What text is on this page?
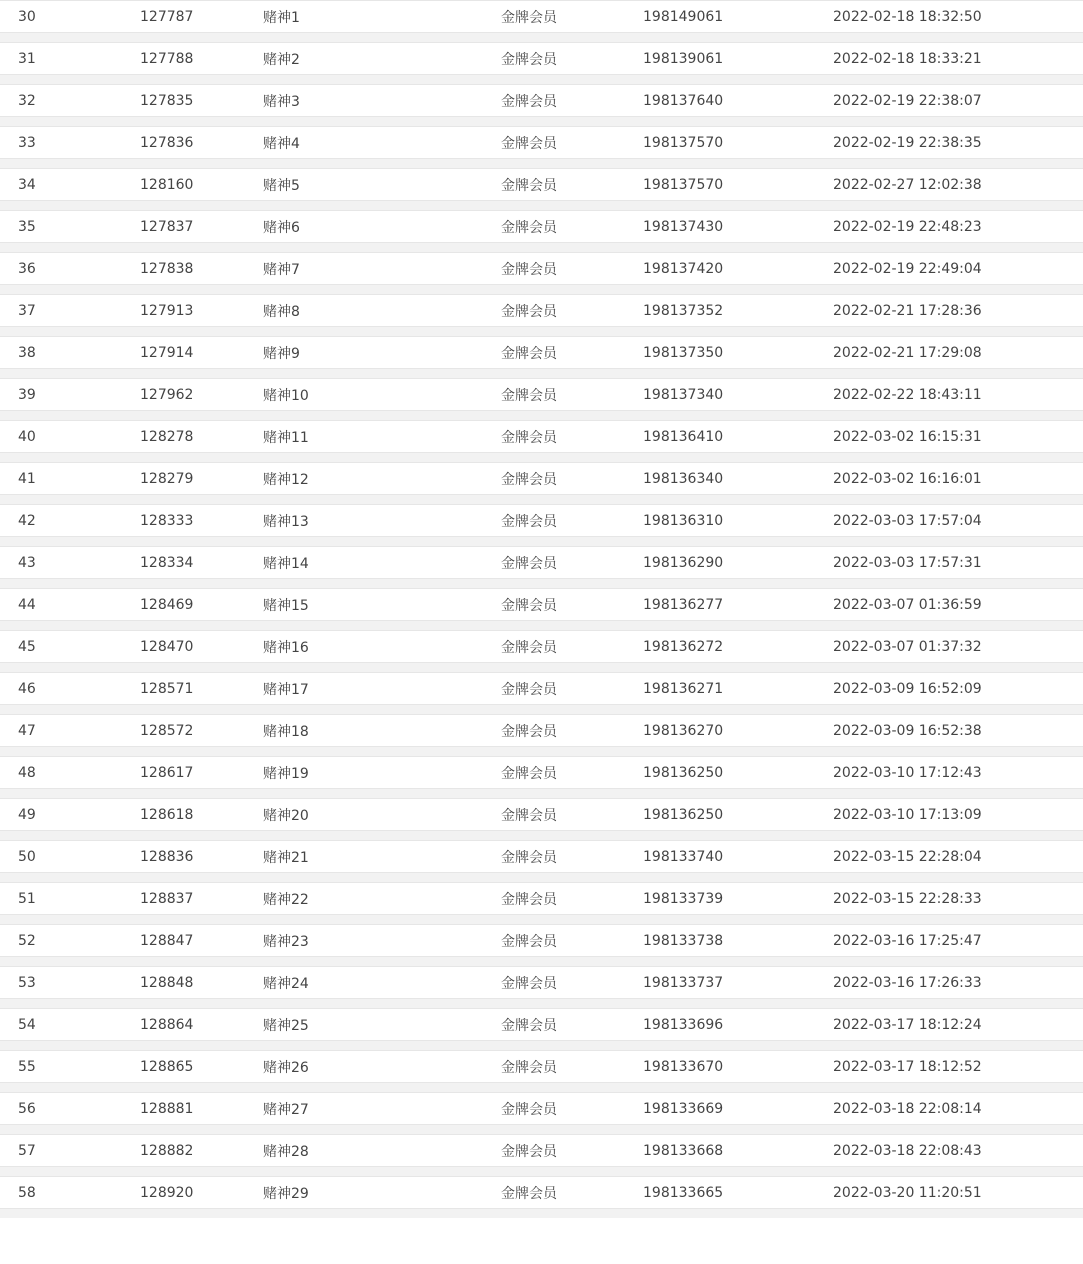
30	127787	赌神1	金牌会员	198149061	2022-02-18 18:32:50

31	127788	赌神2	金牌会员	198139061	2022-02-18 18:33:21

32	127835	赌神3	金牌会员	198137640	2022-02-19 22:38:07

33	127836	赌神4	金牌会员	198137570	2022-02-19 22:38:35

34	128160	赌神5	金牌会员	198137570	2022-02-27 12:02:38

35	127837	赌神6	金牌会员	198137430	2022-02-19 22:48:23

36	127838	赌神7	金牌会员	198137420	2022-02-19 22:49:04

37	127913	赌神8	金牌会员	198137352	2022-02-21 17:28:36

38	127914	赌神9	金牌会员	198137350	2022-02-21 17:29:08

39	127962	赌神10	金牌会员	198137340	2022-02-22 18:43:11

40	128278	赌神11	金牌会员	198136410	2022-03-02 16:15:31

41	128279	赌神12	金牌会员	198136340	2022-03-02 16:16:01

42	128333	赌神13	金牌会员	198136310	2022-03-03 17:57:04

43	128334	赌神14	金牌会员	198136290	2022-03-03 17:57:31

44	128469	赌神15	金牌会员	198136277	2022-03-07 01:36:59

45	128470	赌神16	金牌会员	198136272	2022-03-07 01:37:32

46	128571	赌神17	金牌会员	198136271	2022-03-09 16:52:09

47	128572	赌神18	金牌会员	198136270	2022-03-09 16:52:38

48	128617	赌神19	金牌会员	198136250	2022-03-10 17:12:43

49	128618	赌神20	金牌会员	198136250	2022-03-10 17:13:09

50	128836	赌神21	金牌会员	198133740	2022-03-15 22:28:04

51	128837	赌神22	金牌会员	198133739	2022-03-15 22:28:33

52	128847	赌神23	金牌会员	198133738	2022-03-16 17:25:47

53	128848	赌神24	金牌会员	198133737	2022-03-16 17:26:33

54	128864	赌神25	金牌会员	198133696	2022-03-17 18:12:24

55	128865	赌神26	金牌会员	198133670	2022-03-17 18:12:52

56	128881	赌神27	金牌会员	198133669	2022-03-18 22:08:14

57	128882	赌神28	金牌会员	198133668	2022-03-18 22:08:43

58	128920	赌神29	金牌会员	198133665	2022-03-20 11:20:51
